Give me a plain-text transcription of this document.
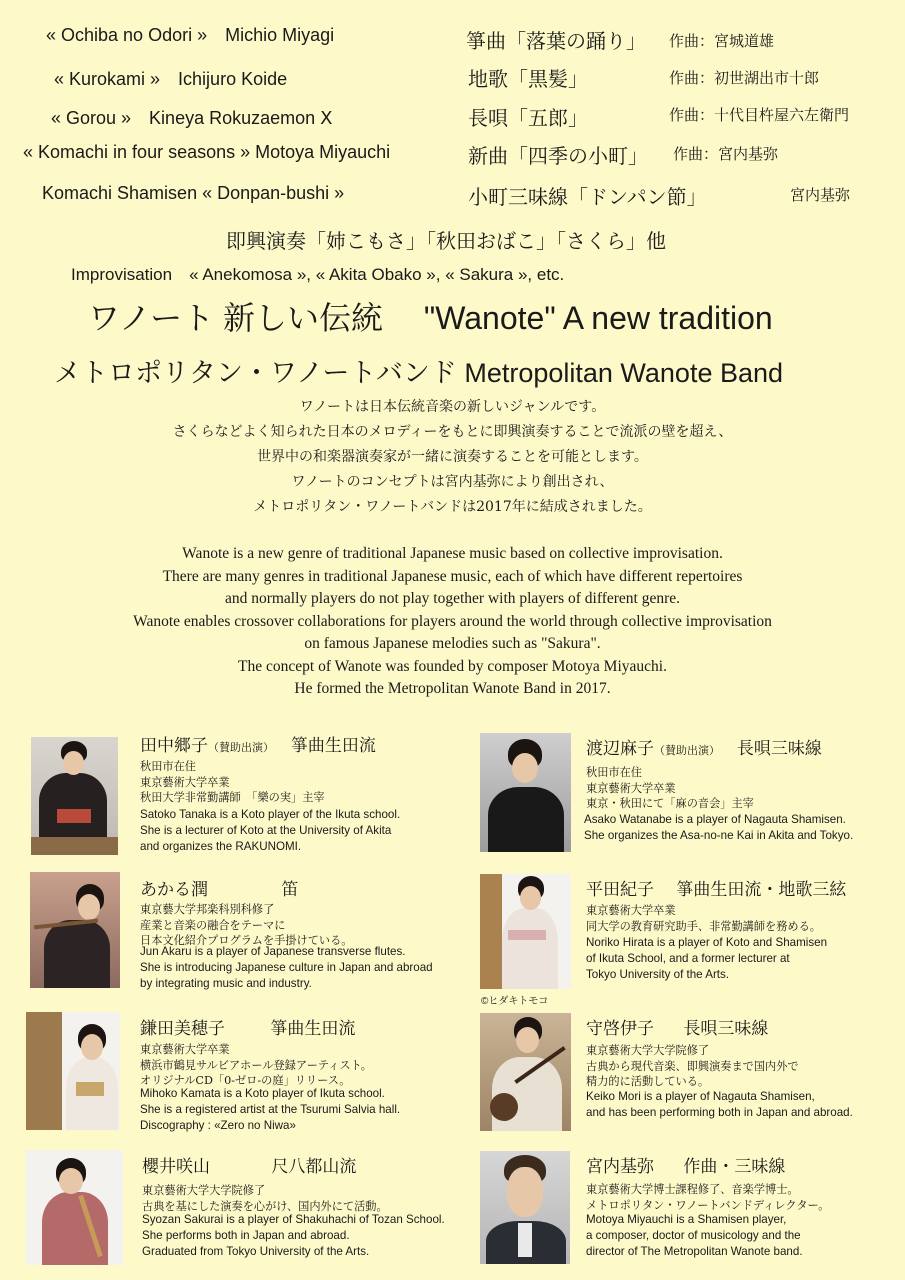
« Ochiba no Odori »　Michio Miyagi	箏曲「落葉の踊り」 作曲：宮城道雄
« Kurokami »　Ichijuro Koide	地歌「黒髪」	作曲：初世湖出市十郎
« Gorou »　Kineya Rokuzaemon Ⅹ	長唄「五郎」	作曲：十代目杵屋六左衛門
« Komachi in four seasons » Motoya Miyauchi	新曲「四季の小町」 作曲：宮内基弥
Komachi Shamisen « Donpan-bushi »	小町三味線「ドンパン節」	宮内基弥
即興演奏「姉こもさ」「秋田おばこ」「さくら」他
Improvisation　« Anekomosa », « Akita Obako », « Sakura », etc.
ワノート 新しい伝統　 "Wanote" A new tradition
メトロポリタン・ワノートバンド Metropolitan Wanote Band
ワノートは日本伝統音楽の新しいジャンルです。
さくらなどよく知られた日本のメロディーをもとに即興演奏することで流派の壁を超え、
世界中の和楽器演奏家が一緒に演奏することを可能とします。
ワノートのコンセプトは宮内基弥により創出され、
メトロポリタン・ワノートバンドは2017年に結成されました。
Wanote is a new genre of traditional Japanese music based on collective improvisation.
There are many genres in traditional Japanese music, each of which have different repertoires
and normally players do not play together with players of different genre.
Wanote enables crossover collaborations for players around the world through collective improvisation
on famous Japanese melodies such as "Sakura".
The concept of Wanote was founded by composer Motoya Miyauchi.
He formed the Metropolitan Wanote Band in 2017.
田中郷子（賛助出演）　 箏曲生田流
秋田市在住
東京藝術大学卒業
秋田大学非常勤講師　「樂の実」主宰
Satoko Tanaka is a Koto player of the Ikuta school.
She is a lecturer of Koto at the University of Akita
and organizes the RAKUNOMI.
渡辺麻子（賛助出演）　 長唄三味線
秋田市在住
東京藝術大学卒業
東京・秋田にて「麻の音会」主宰
Asako Watanabe is a player of Nagauta Shamisen.
She organizes the Asa-no-ne Kai in Akita and Tokyo.
あかる潤	笛
東京藝大学邦楽科別科修了
産業と音楽の融合をテーマに
日本文化紹介プログラムを手掛けている。
Jun Akaru is a player of Japanese transverse flutes.
She is introducing Japanese culture in Japan and abroad
by integrating music and industry.
©ヒダキトモコ
平田紀子　 箏曲生田流・地歌三絃
東京藝術大学卒業
同大学の教育研究助手、非常勤講師を務める。
Noriko Hirata is a player of Koto and Shamisen
of Ikuta School, and a former lecturer at
Tokyo University of the Arts.
鎌田美穂子	箏曲生田流
東京藝術大学卒業
横浜市鶴見サルビアホール登録アーティスト。
オリジナルCD「0-ゼロ-の庭」リリース。
Mihoko Kamata is a Koto player of Ikuta school.
She is a registered artist at the Tsurumi Salvia hall.
Discography : «Zero no Niwa»
守啓伊子 長唄三味線
東京藝術大学大学院修了
古典から現代音楽、即興演奏まで国内外で
精力的に活動している。
Keiko Mori is a player of Nagauta Shamisen,
and has been performing both in Japan and abroad.
櫻井咲山	尺八都山流
東京藝術大学大学院修了
古典を基にした演奏を心がけ、国内外にて活動。
Syozan Sakurai is a player of Shakuhachi of Tozan School.
She performs both in Japan and abroad.
Graduated from Tokyo University of the Arts.
宮内基弥 作曲・三味線
東京藝術大学博士課程修了、音楽学博士。
メトロポリタン・ワノートバンドディレクター。
Motoya Miyauchi is a Shamisen player,
a composer, doctor of musicology and the
director of The Metropolitan Wanote band.
